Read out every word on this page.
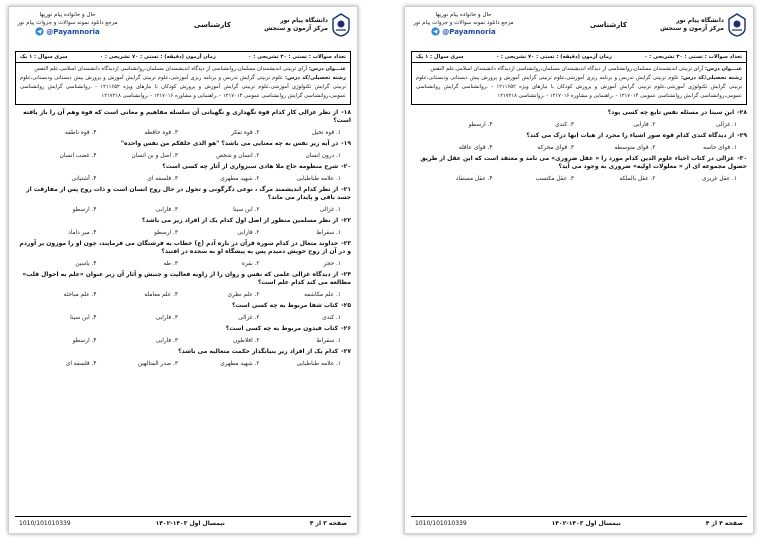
دانشگاه پیام نور
مرکز آزمون و سنجش
کارشناسی
حال و خانواده پیام نوریها
مرجع دانلود نمونه سوالات و جزوات پیام نور
@Payamnoria
تعداد سوالات : تستی : ۳۰ تشریحی : ۰
زمان آزمون (دقیقه) : تستی : ۷۰ تشریحی : ۰
سری سوال : ۱ یک
عنـــوان درس: آرای تربیتی اندیشمندان مسلمان،روانشناسی از دیدگاه اندیشمندان مسلمان،روانشناسی ازدیدگاه دانشمندان اسلامی،علم النفس
رشته تحصیلی/کد درس: علوم تربیتی گرایش تدریس و برنامه ریزی آموزشی،علوم تربیتی گرایش آموزش و پرورش پیش دبستانی ودبستانی،علوم تربیتی گرایش تکنولوژی آموزشی،علوم تربیتی گرایش آموزش و پرورش کودکان با نیازهای ویژه ۱۲۱۱۶۵۲ - ،روانشناسی گرایش روانشناسی عمومی،روانشناسی گرایش روانشناسی عمومی ۱۲۱۷۰۱۴ - ،راهنمایی و مشاوره ۱۲۱۷۰۱۶ - ،روانشناسی ۱۲۱۷۲۱۸
۱۸-از نظر غزالی کار کدام قوه نگهداری و نگهبانی آن سلسله مفاهیم و معانی است که قوه وهم آن را باز یافته است؟
۱. قوه تخیل
۲. قوه تفکر
۳. قوه حافظه
۴. قوه ناطقه
۱۹-در آیه زیر نفس به چه معنایی می باشد؟ "هو الذی خلقکم من نفس واحده"
۱. درون انسان
۲. انسان و شخص
۳. اصل و بن انسان
۴. غضب انسان
۲۰-شرح منظومه حاج ملا هادی سبزواری از آثار چه کسی است؟
۱. علامه طباطبایی
۲. شهید مطهری
۳. فلسفه ای
۴. آشتیانی
۲۱-از نظر کدام اندیشمند مرگ ، نوعی دگرگونی و تحول در حال روح انسان است و ذات روح پس از مفارقت از جسد باقی و پایدار می ماند؟
۱. غزالی
۲. ابن سینا
۳. فارابی
۴. ارسطو
۲۲-از نظر مسلمین منظور از اصل اول کدام یک از افراد زیر می باشد؟
۱. سقراط
۲. فارابی
۳. ارسطو
۴. میر داماد
۲۳-خداوند متعال در کدام سوره قرآن در باره آدم (ع) خطاب به فرشتگان می فرمایند، چون او را موزون بر آوردم و در آن از روح خویش دمیدم پس به پیشگاه او به سجده در افتید؟
۱. حجر
۲. بقره
۳. طه
۴. یاسین
۲۴-از دیدگاه غزالی علمی که نفس و روان را از زاویه فعالیت و جنبش و آثار آن زیر عنوان «علم به احوال قلب» مطالعه می کند کدام علم است؟
۱. علم مکاشفه
۲. علم نظری
۳. علم معامله
۴. علم مباحثه
۲۵-کتاب شفا مربوط به چه کسی است؟
۱. کندی
۲. غزالی
۳. فارابی
۴. ابن سینا
۲۶-کتاب فیدون مربوط به چه کسی است؟
۱. سقراط
۲. افلاطون
۳. فارابی
۴. ارسطو
۲۷-کدام یک از افراد زیر بنیانگذار حکمت متعالیه می باشد؟
۱. علامه طباطبایی
۲. شهید مطهری
۳. صدر المتالهین
۴. فلسفه ای
صفحه ۳ از ۴
نیمسال اول ۱۴۰۳-۱۴۰۲
1010/101010339
دانشگاه پیام نور
مرکز آزمون و سنجش
کارشناسی
حال و خانواده پیام نوریها
مرجع دانلود نمونه سوالات و جزوات پیام نور
@Payamnoria
تعداد سوالات : تستی : ۳۰ تشریحی : ۰
زمان آزمون (دقیقه) : تستی : ۷۰ تشریحی : ۰
سری سوال : ۱ یک
عنـــوان درس: آرای تربیتی اندیشمندان مسلمان،روانشناسی از دیدگاه اندیشمندان مسلمان،روانشناسی ازدیدگاه دانشمندان اسلامی،علم النفس
رشته تحصیلی/کد درس: علوم تربیتی گرایش تدریس و برنامه ریزی آموزشی،علوم تربیتی گرایش آموزش و پرورش پیش دبستانی ودبستانی،علوم تربیتی گرایش تکنولوژی آموزشی،علوم تربیتی گرایش آموزش و پرورش کودکان با نیازهای ویژه ۱۲۱۱۶۵۲ - ،روانشناسی گرایش روانشناسی عمومی،روانشناسی گرایش روانشناسی عمومی ۱۲۱۷۰۱۴ - ،راهنمایی و مشاوره ۱۲۱۷۰۱۶ - ،روانشناسی ۱۲۱۷۲۱۸
۲۸-ابن سینا در مسئله نفس تابع چه کسی بود؟
۱. غزالی
۲. فارابی
۳. کندی
۴. ارسطو
۲۹-از دیدگاه کندی کدام قوه صور اشیاء را مجرد از هیات انها درک می کند؟
۱. قوای حاسه
۲. قوای متوسطه
۳. قوای محرکه
۴. قوای عاقله
۳۰-غزالی در کتاب احیاء علوم الدین کدام مورد را « عقل ضروری» می نامد و معتقد است که این عقل از طریق حصول مجموعه ای از « معلولات اولیه» ضروری به وجود می آید؟
۱. عقل غریزی
۲. عقل بالملکه
۳. عقل مکتسب
۴. عقل مستفاد
صفحه ۴ از ۴
نیمسال اول ۱۴۰۳-۱۴۰۲
1010/101010339
